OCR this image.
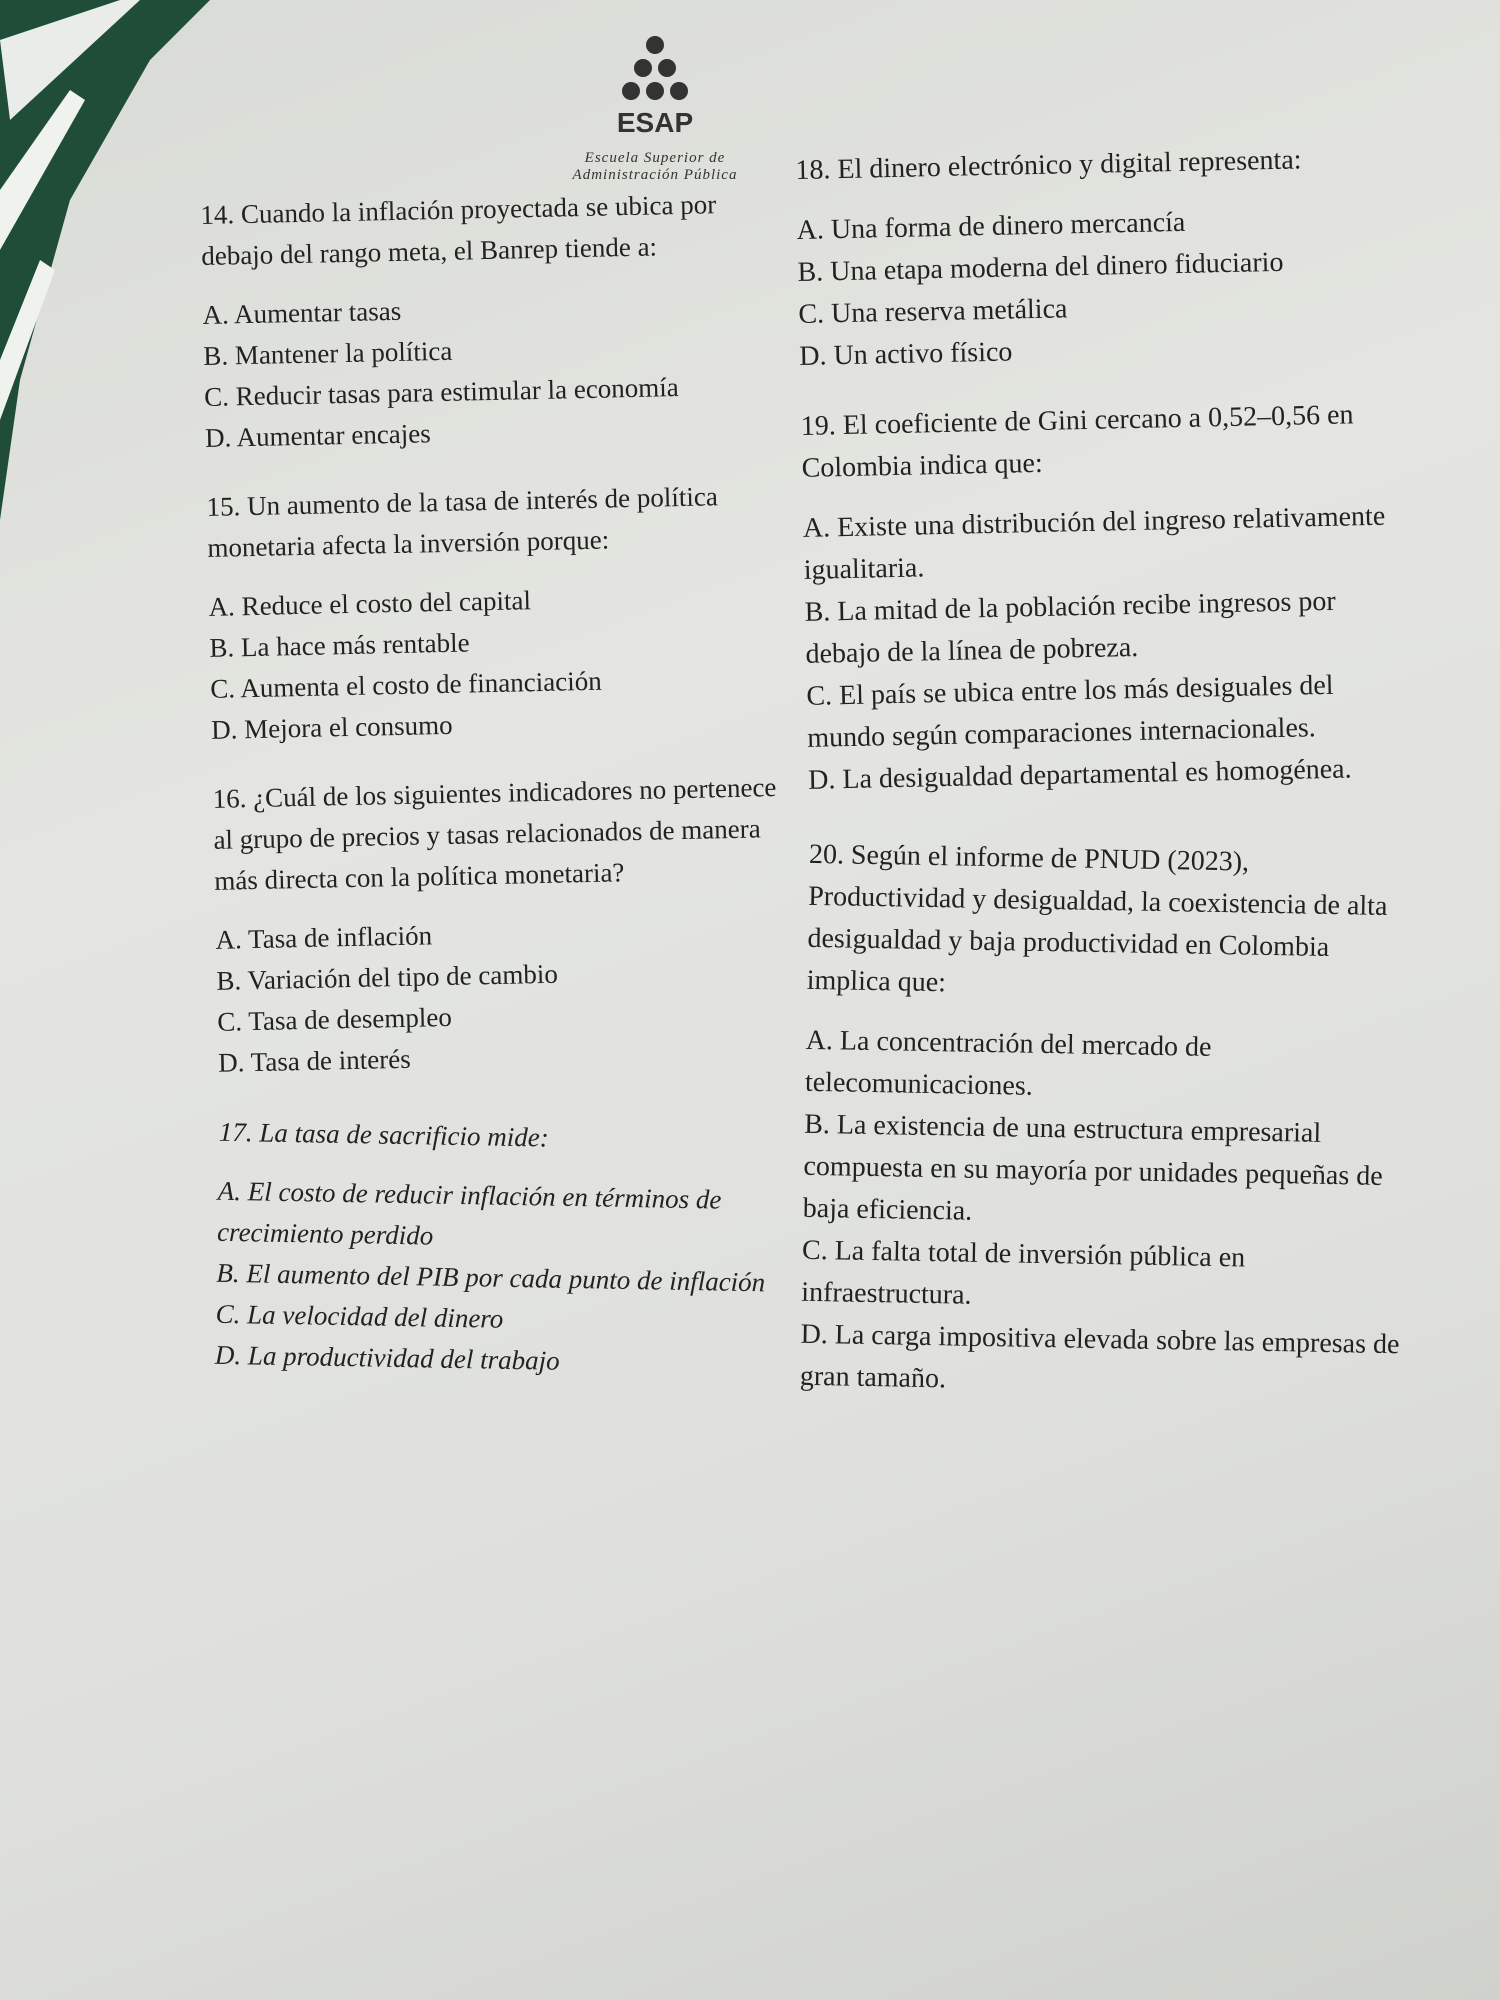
ESAP
Escuela Superior de
Administración Pública

14. Cuando la inflación proyectada se ubica por debajo del rango meta, el Banrep tiende a:

A. Aumentar tasas

B. Mantener la política

C. Reducir tasas para estimular la economía

D. Aumentar encajes

15. Un aumento de la tasa de interés de política monetaria afecta la inversión porque:

A. Reduce el costo del capital

B. La hace más rentable

C. Aumenta el costo de financiación

D. Mejora el consumo

16. ¿Cuál de los siguientes indicadores no pertenece al grupo de precios y tasas relacionados de manera más directa con la política monetaria?

A. Tasa de inflación

B. Variación del tipo de cambio

C. Tasa de desempleo

D. Tasa de interés

17. La tasa de sacrificio mide:

A. El costo de reducir inflación en términos de crecimiento perdido

B. El aumento del PIB por cada punto de inflación

C. La velocidad del dinero

D. La productividad del trabajo

18. El dinero electrónico y digital representa:

A. Una forma de dinero mercancía

B. Una etapa moderna del dinero fiduciario

C. Una reserva metálica

D. Un activo físico

19. El coeficiente de Gini cercano a 0,52–0,56 en Colombia indica que:

A. Existe una distribución del ingreso relativamente igualitaria.

B. La mitad de la población recibe ingresos por debajo de la línea de pobreza.

C. El país se ubica entre los más desiguales del mundo según comparaciones internacionales.

D. La desigualdad departamental es homogénea.

20. Según el informe de PNUD (2023), Productividad y desigualdad, la coexistencia de alta desigualdad y baja productividad en Colombia implica que:

A. La concentración del mercado de telecomunicaciones.

B. La existencia de una estructura empresarial compuesta en su mayoría por unidades pequeñas de baja eficiencia.

C. La falta total de inversión pública en infraestructura.

D. La carga impositiva elevada sobre las empresas de gran tamaño.
